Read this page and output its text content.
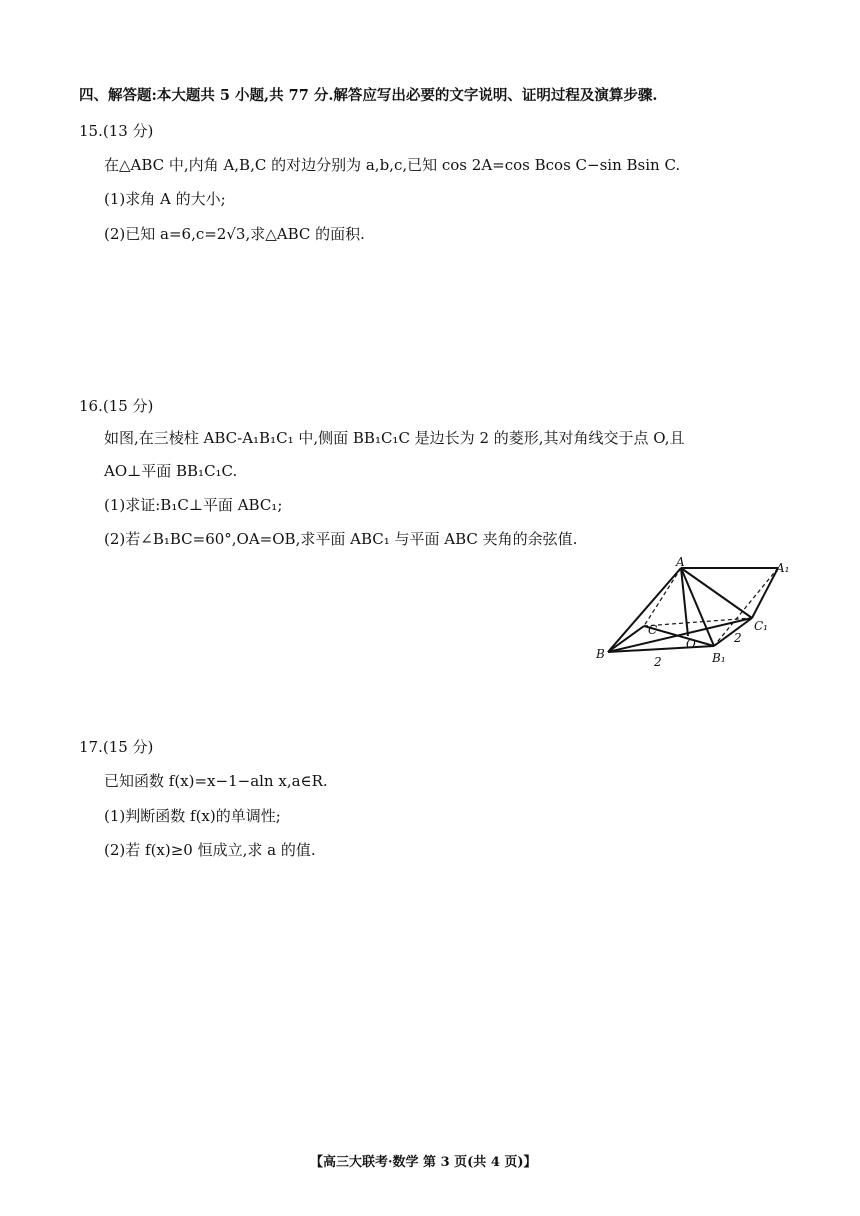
四、解答题:本大题共 5 小题,共 77 分.解答应写出必要的文字说明、证明过程及演算步骤.
15.(13 分)
在△ABC 中,内角 A,B,C 的对边分别为 a,b,c,已知 cos 2A=cos Bcos C−sin Bsin C.
(1)求角 A 的大小;
(2)已知 a=6,c=2√3,求△ABC 的面积.
16.(15 分)
如图,在三棱柱 ABC-A₁B₁C₁ 中,侧面 BB₁C₁C 是边长为 2 的菱形,其对角线交于点 O,且
AO⊥平面 BB₁C₁C.
(1)求证:B₁C⊥平面 ABC₁;
(2)若∠B₁BC=60°,OA=OB,求平面 ABC₁ 与平面 ABC 夹角的余弦值.
A	A₁
B	B₁
C	C₁
O
2
2
17.(15 分)
已知函数 f(x)=x−1−aln x,a∈R.
(1)判断函数 f(x)的单调性;
(2)若 f(x)≥0 恒成立,求 a 的值.
【高三大联考·数学 第 3 页(共 4 页)】
